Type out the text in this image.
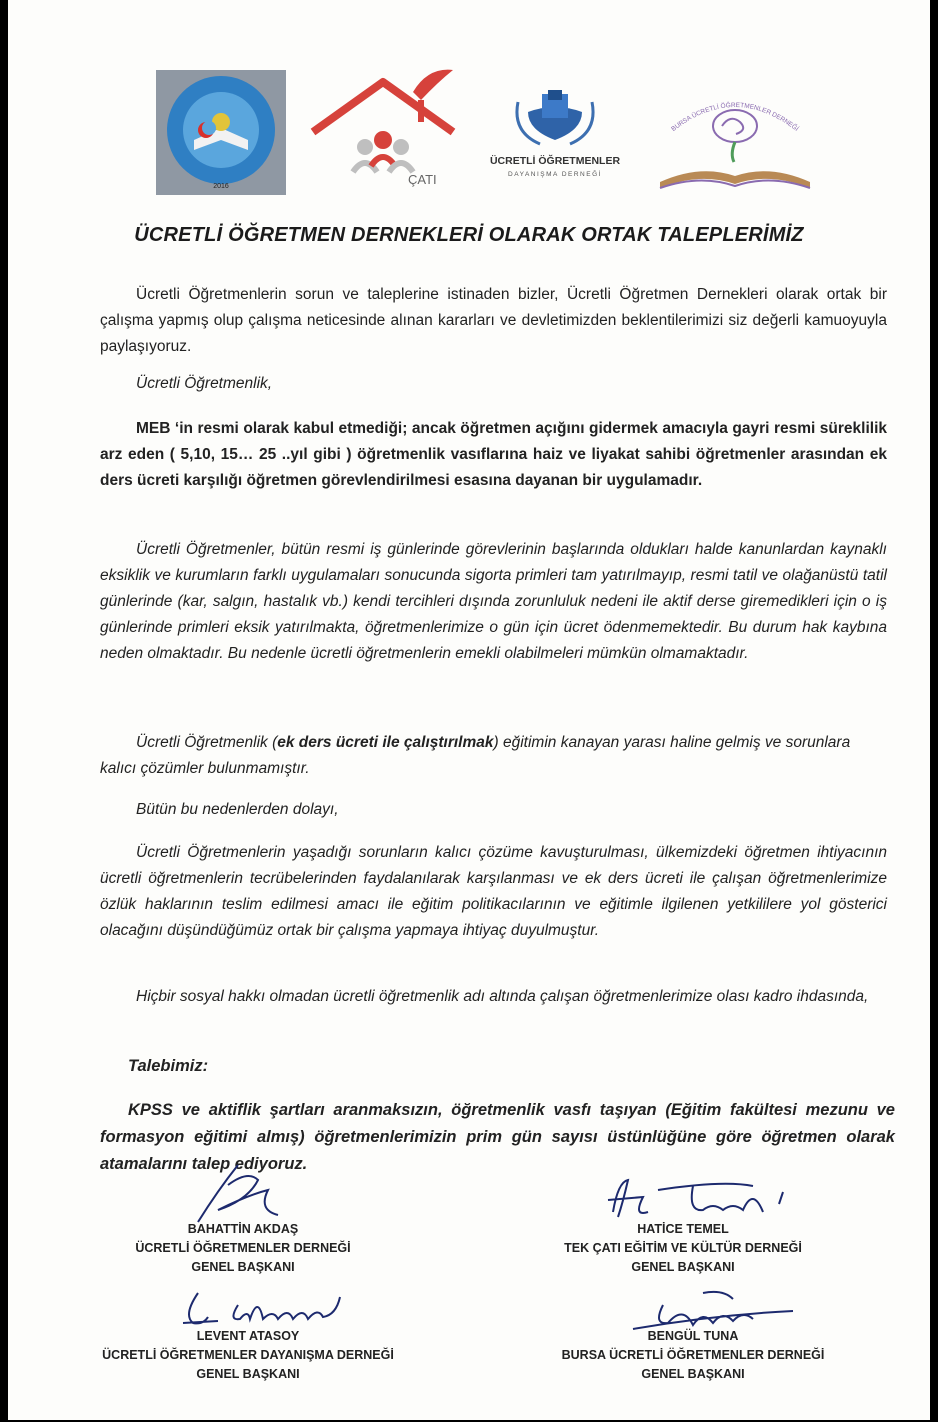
2016	ÇATI
ÜCRETLİ ÖĞRETMENLER
DAYANIŞMA DERNEĞİ
BURSA ÜCRETLİ ÖĞRETMENLER DERNEĞİ
ÜCRETLİ ÖĞRETMEN DERNEKLERİ OLARAK ORTAK TALEPLERİMİZ

Ücretli Öğretmenlerin sorun ve taleplerine istinaden bizler, Ücretli Öğretmen Dernekleri olarak ortak bir çalışma yapmış olup çalışma neticesinde alınan kararları ve devletimizden beklentilerimizi siz değerli kamuoyuyla paylaşıyoruz.

Ücretli Öğretmenlik,

MEB ‘in resmi olarak kabul etmediği; ancak öğretmen açığını gidermek amacıyla gayri resmi süreklilik arz eden ( 5,10, 15… 25 ..yıl gibi ) öğretmenlik vasıflarına haiz ve liyakat sahibi öğretmenler arasından ek ders ücreti karşılığı öğretmen görevlendirilmesi esasına dayanan bir uygulamadır.

Ücretli Öğretmenler, bütün resmi iş günlerinde görevlerinin başlarında oldukları halde kanunlardan kaynaklı eksiklik ve kurumların farklı uygulamaları sonucunda sigorta primleri tam yatırılmayıp, resmi tatil ve olağanüstü tatil günlerinde (kar, salgın, hastalık vb.) kendi tercihleri dışında zorunluluk nedeni ile aktif derse giremedikleri için o iş günlerinde primleri eksik yatırılmakta, öğretmenlerimize o gün için ücret ödenmemektedir. Bu durum hak kaybına neden olmaktadır. Bu nedenle ücretli öğretmenlerin emekli olabilmeleri mümkün olmamaktadır.

Ücretli Öğretmenlik (ek ders ücreti ile çalıştırılmak) eğitimin kanayan yarası haline gelmiş ve sorunlara kalıcı çözümler bulunmamıştır.

Bütün bu nedenlerden dolayı,

Ücretli Öğretmenlerin yaşadığı sorunların kalıcı çözüme kavuşturulması, ülkemizdeki öğretmen ihtiyacının ücretli öğretmenlerin tecrübelerinden faydalanılarak karşılanması ve ek ders ücreti ile çalışan öğretmenlerimize özlük haklarının teslim edilmesi amacı ile eğitim politikacılarının ve eğitimle ilgilenen yetkililere yol gösterici olacağını düşündüğümüz ortak bir çalışma yapmaya ihtiyaç duyulmuştur.

Hiçbir sosyal hakkı olmadan ücretli öğretmenlik adı altında çalışan öğretmenlerimize olası kadro ihdasında,

Talebimiz:

KPSS ve aktiflik şartları aranmaksızın, öğretmenlik vasfı taşıyan (Eğitim fakültesi mezunu ve formasyon eğitimi almış) öğretmenlerimizin prim gün sayısı üstünlüğüne göre öğretmen olarak atamalarını talep ediyoruz.

BAHATTİN AKDAŞ
ÜCRETLİ ÖĞRETMENLER DERNEĞİ
GENEL BAŞKANI
HATİCE TEMEL
TEK ÇATI EĞİTİM VE KÜLTÜR DERNEĞİ
GENEL BAŞKANI
LEVENT ATASOY
ÜCRETLİ ÖĞRETMENLER DAYANIŞMA DERNEĞİ
GENEL BAŞKANI
BENGÜL TUNA
BURSA ÜCRETLİ ÖĞRETMENLER DERNEĞİ
GENEL BAŞKANI
